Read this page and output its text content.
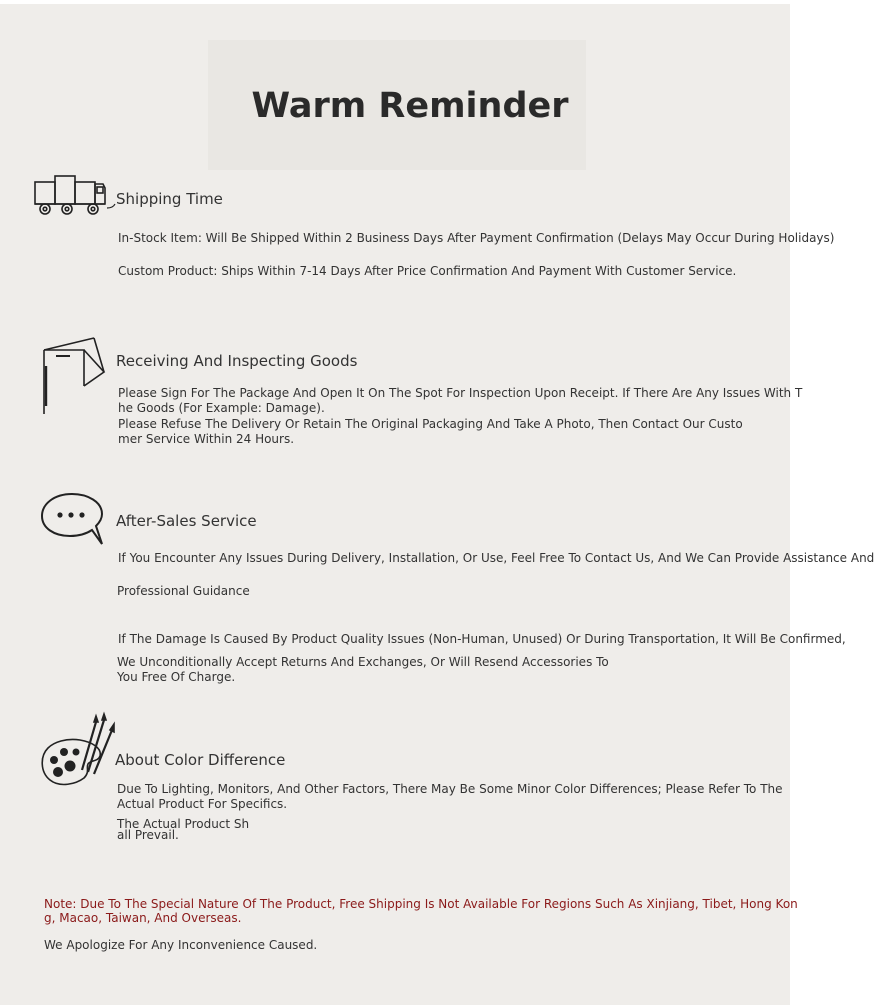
Warm Reminder
Shipping Time

In-Stock Item: Will Be Shipped Within 2 Business Days After Payment Confirmation (Delays May Occur During Holidays)

Custom Product: Ships Within 7-14 Days After Price Confirmation And Payment With Customer Service.

Receiving And Inspecting Goods

Please Sign For The Package And Open It On The Spot For Inspection Upon Receipt. If There Are Any Issues With T

he Goods (For Example: Damage).

Please Refuse The Delivery Or Retain The Original Packaging And Take A Photo, Then Contact Our Custo

mer Service Within 24 Hours.

After-Sales Service

If You Encounter Any Issues During Delivery, Installation, Or Use, Feel Free To Contact Us, And We Can Provide Assistance And

Professional Guidance

If The Damage Is Caused By Product Quality Issues (Non-Human, Unused) Or During Transportation, It Will Be Confirmed,

We Unconditionally Accept Returns And Exchanges, Or Will Resend Accessories To

You Free Of Charge.

About Color Difference

Due To Lighting, Monitors, And Other Factors, There May Be Some Minor Color Differences; Please Refer To The

Actual Product For Specifics.

The Actual Product Sh

all Prevail.

Note: Due To The Special Nature Of The Product, Free Shipping Is Not Available For Regions Such As Xinjiang, Tibet, Hong Kon

g, Macao, Taiwan, And Overseas.

We Apologize For Any Inconvenience Caused.
